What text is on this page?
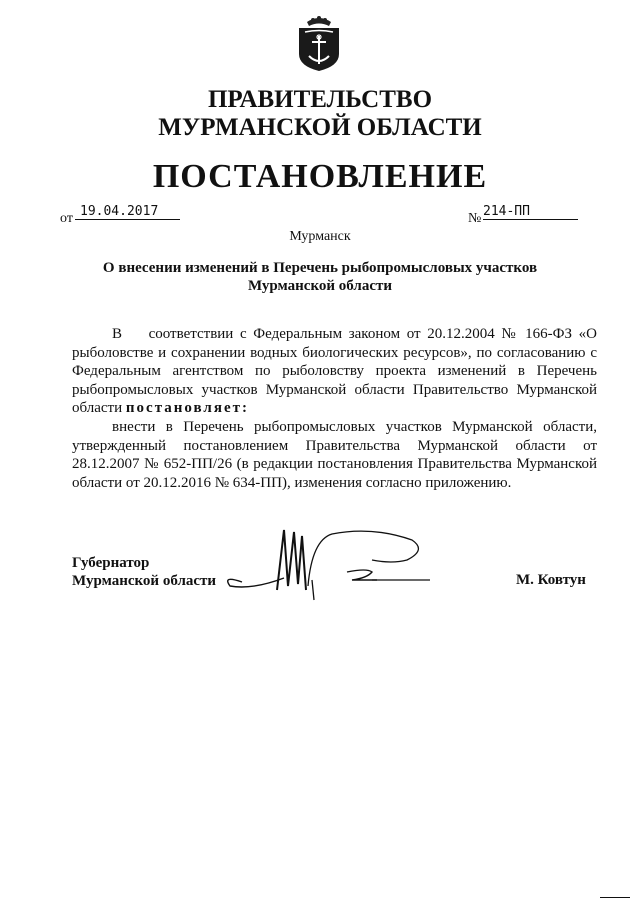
ПРАВИТЕЛЬСТВО
МУРМАНСКОЙ ОБЛАСТИ
ПОСТАНОВЛЕНИЕ
от 19.04.2017	№ 214-ПП
Мурманск
О внесении изменений в Перечень рыбопромысловых участков
Мурманской области

В соответствии с Федеральным законом от 20.12.2004 № 166-ФЗ «О рыболовстве и сохранении водных биологических ресурсов», по согласованию с Федеральным агентством по рыболовству проекта изменений в Перечень рыбопромысловых участков Мурманской области Правительство Мурманской области постановляет:

внести в Перечень рыбопромысловых участков Мурманской области, утвержденный постановлением Правительства Мурманской области от 28.12.2007 № 652-ПП/26 (в редакции постановления Правительства Мурманской области от 20.12.2016 № 634-ПП), изменения согласно приложению.

Губернатор
Мурманской области	М. Ковтун
